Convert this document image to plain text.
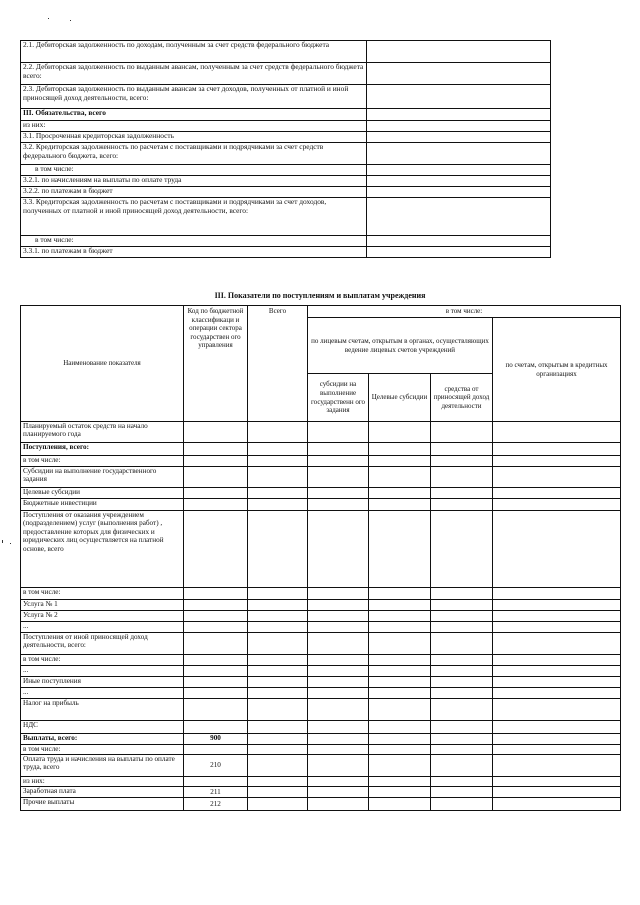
2.1. Дебиторская задолженность по доходам, полученным за счет средств федерального бюджета	
2.2. Дебиторская задолженность по выданным авансам, полученным за счет средств федерального бюджета всего:	
2.3. Дебиторская задолженность по выданным авансам за счет доходов, полученных от платной и иной приносящей доход деятельности, всего:	
III. Обязательства, всего	
из них:	
3.1. Просроченная кредиторская задолженность	
3.2. Кредиторская задолженность по расчетам с поставщиками и подрядчиками за счет средств федерального бюджета, всего:	
в том числе:	
3.2.1. по начислениям на выплаты по оплате труда	
3.2.2. по платежам в бюджет	
3.3. Кредиторская задолженность по расчетам с поставщиками и подрядчиками за счет доходов, полученных от платной и иной приносящей доход деятельности, всего:	
в том числе:	
3.3.1. по платежам в бюджет	
III. Показатели по поступлениям и выплатам учреждения
Наименование показателя	Код по бюджетной классификаци и операции сектора государствен ого управления	Всего	в том числе:			
			по лицевым счетам, открытым в органах, осуществляющих ведение лицевых счетов учреждений			по счетам, открытым в кредитных организациях
			субсидии на выполнение государственн ого задания	Целевые субсидии	средства от приносящей доход деятельности	
Планируемый остаток средств на начало планируемого года						
Поступления, всего:						
в том числе:						
Субсидии на выполнение государственного задания						
Целевые субсидии						
Бюджетные инвестиции						
Поступления от оказания учреждением (подразделением) услуг (выполнения работ) , предоставление которых для физических и юридических лиц осуществляется на платной основе, всего						
в том числе:						
Услуга № 1						
Услуга № 2						
...						
Поступления от иной приносящей доход деятельности, всего:						
в том числе:						
...						
Иные поступления						
...						
Налог на прибыль						
НДС						
Выплаты, всего:	900					
в том числе:						
Оплата труда и начисления на выплаты по оплате труда, всего	210					
из них:						
Заработная плата	211					
Прочие выплаты	212					
